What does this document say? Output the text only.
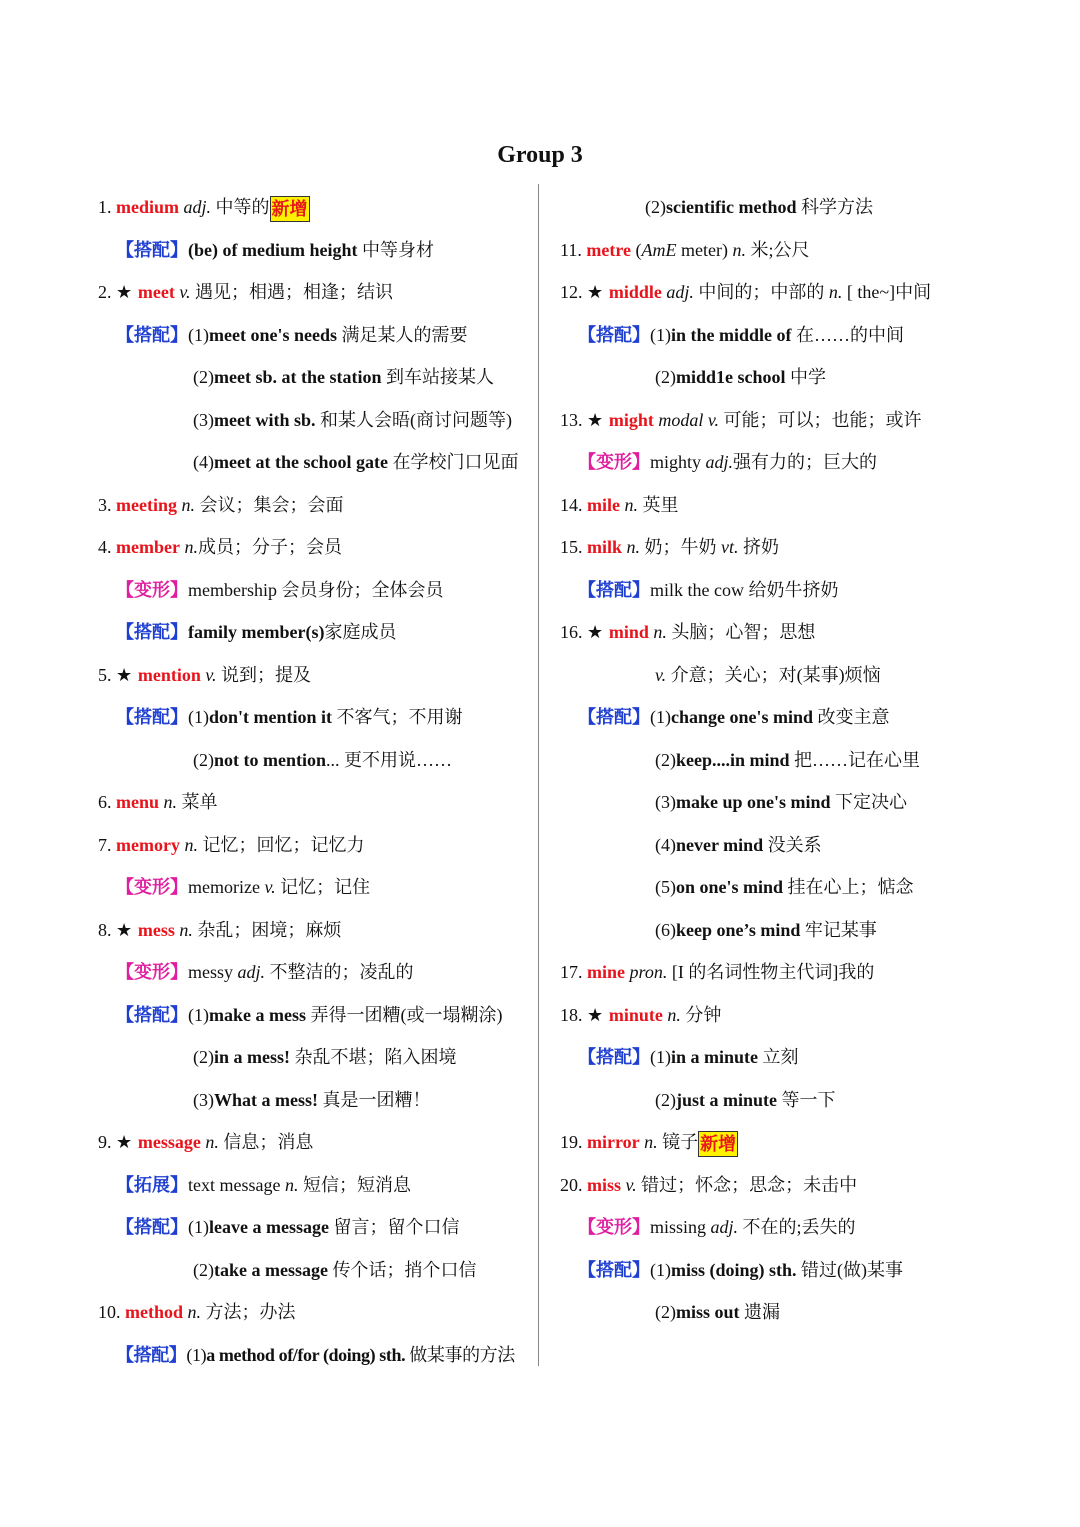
Group 3
1. medium adj. 中等的 新增
【搭配】(be) of medium height 中等身材
2. ★ meet v. 遇见；相遇；相逢；结识
【搭配】(1)meet one's needs 满足某人的需要
(2)meet sb. at the station 到车站接某人
(3)meet with sb. 和某人会晤(商讨问题等)
(4)meet at the school gate 在学校门口见面
3. meeting n. 会议；集会；会面
4. member n.成员；分子；会员
【变形】membership 会员身份；全体会员
【搭配】family member(s)家庭成员
5. ★ mention v. 说到；提及
【搭配】(1)don't mention it 不客气；不用谢
(2)not to mention... 更不用说……
6. menu n. 菜单
7. memory n. 记忆；回忆；记忆力
【变形】memorize v. 记忆；记住
8. ★ mess n. 杂乱；困境；麻烦
【变形】messy adj. 不整洁的；凌乱的
【搭配】(1)make a mess 弄得一团糟(或一塌糊涂)
(2)in a mess! 杂乱不堪；陷入困境
(3)What a mess! 真是一团糟！
9. ★ message n. 信息；消息
【拓展】text message n. 短信；短消息
【搭配】(1)leave a message 留言；留个口信
(2)take a message 传个话；捎个口信
10. method n. 方法；办法
【搭配】(1)a method of/for (doing) sth. 做某事的方法
(2)scientific method 科学方法
11. metre (AmE meter) n. 米;公尺
12. ★ middle adj. 中间的；中部的 n. [ the~]中间
【搭配】(1)in the middle of 在……的中间
(2)midd1e school 中学
13. ★ might modal v. 可能；可以；也能；或许
【变形】mighty adj.强有力的；巨大的
14. mile n. 英里
15. milk n. 奶；牛奶 vt. 挤奶
【搭配】milk the cow 给奶牛挤奶
16. ★ mind n. 头脑；心智；思想
v. 介意；关心；对(某事)烦恼
【搭配】(1)change one's mind 改变主意
(2)keep....in mind 把……记在心里
(3)make up one's mind 下定决心
(4)never mind 没关系
(5)on one's mind 挂在心上；惦念
(6)keep one’s mind 牢记某事
17. mine pron. [I 的名词性物主代词]我的
18. ★ minute n. 分钟
【搭配】(1)in a minute 立刻
(2)just a minute 等一下
19. mirror n. 镜子 新增
20. miss v. 错过；怀念；思念；未击中
【变形】missing adj. 不在的;丢失的
【搭配】(1)miss (doing) sth. 错过(做)某事
(2)miss out 遗漏
